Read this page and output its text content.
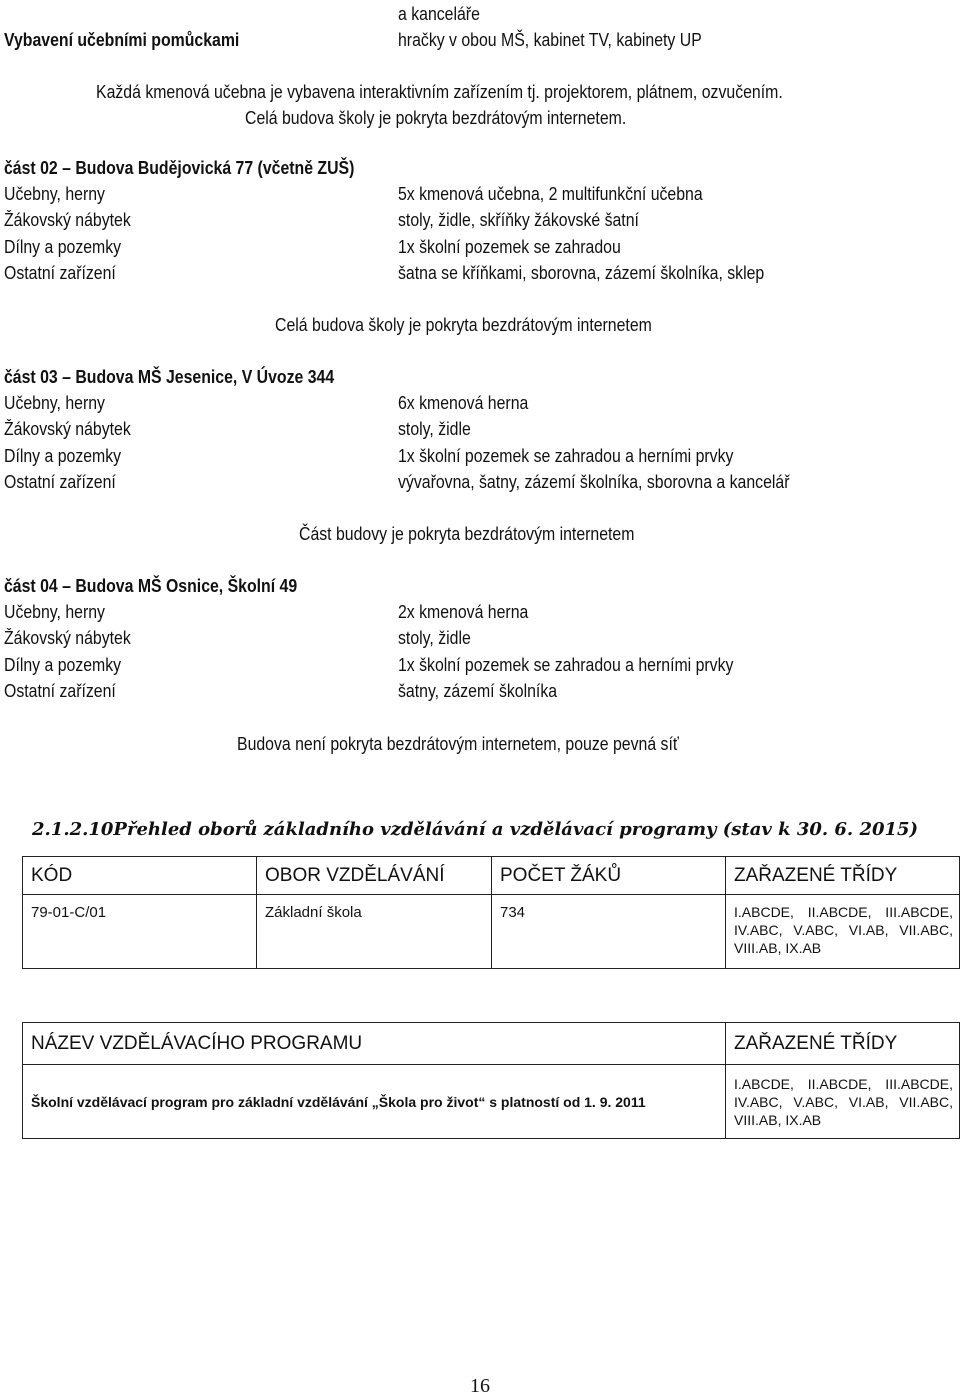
Vybavení učebními pomůckami
a kanceláře
hračky v obou MŠ, kabinet TV, kabinety UP
Každá kmenová učebna je vybavena interaktivním zařízením tj. projektorem, plátnem, ozvučením.
Celá budova školy je pokryta bezdrátovým internetem.
část 02 – Budova Budějovická 77 (včetně ZUŠ)
Učebny, herny	5x kmenová učebna, 2 multifunkční učebna
Žákovský nábytek	stoly, židle, skříňky žákovské šatní
Dílny a pozemky	1x školní pozemek se zahradou
Ostatní zařízení	šatna se kříňkami, sborovna, zázemí školníka, sklep
Celá budova školy je pokryta bezdrátovým internetem
část 03 – Budova MŠ Jesenice, V Úvoze 344
Učebny, herny	6x kmenová herna
Žákovský nábytek	stoly, židle
Dílny a pozemky	1x školní pozemek se zahradou a herními prvky
Ostatní zařízení	vývařovna, šatny, zázemí školníka, sborovna a kancelář
Část budovy je pokryta bezdrátovým internetem
část 04 – Budova MŠ Osnice, Školní 49
Učebny, herny	2x kmenová herna
Žákovský nábytek	stoly, židle
Dílny a pozemky	1x školní pozemek se zahradou a herními prvky
Ostatní zařízení	šatny, zázemí školníka
Budova není pokryta bezdrátovým internetem, pouze pevná síť
2.1.2.10Přehled oborů základního vzdělávání a vzdělávací programy (stav k 30. 6. 2015)
KÓD	OBOR VZDĚLÁVÁNÍ	POČET ŽÁKŮ	ZAŘAZENÉ TŘÍDY
79-01-C/01	Základní škola	734	I.ABCDE, II.ABCDE, III.ABCDE, IV.ABC, V.ABC, VI.AB, VII.ABC, VIII.AB, IX.AB
NÁZEV VZDĚLÁVACÍHO PROGRAMU	ZAŘAZENÉ TŘÍDY
Školní vzdělávací program pro základní vzdělávání „Škola pro život“ s platností od 1. 9. 2011	I.ABCDE, II.ABCDE, III.ABCDE, IV.ABC, V.ABC, VI.AB, VII.ABC, VIII.AB, IX.AB
16
